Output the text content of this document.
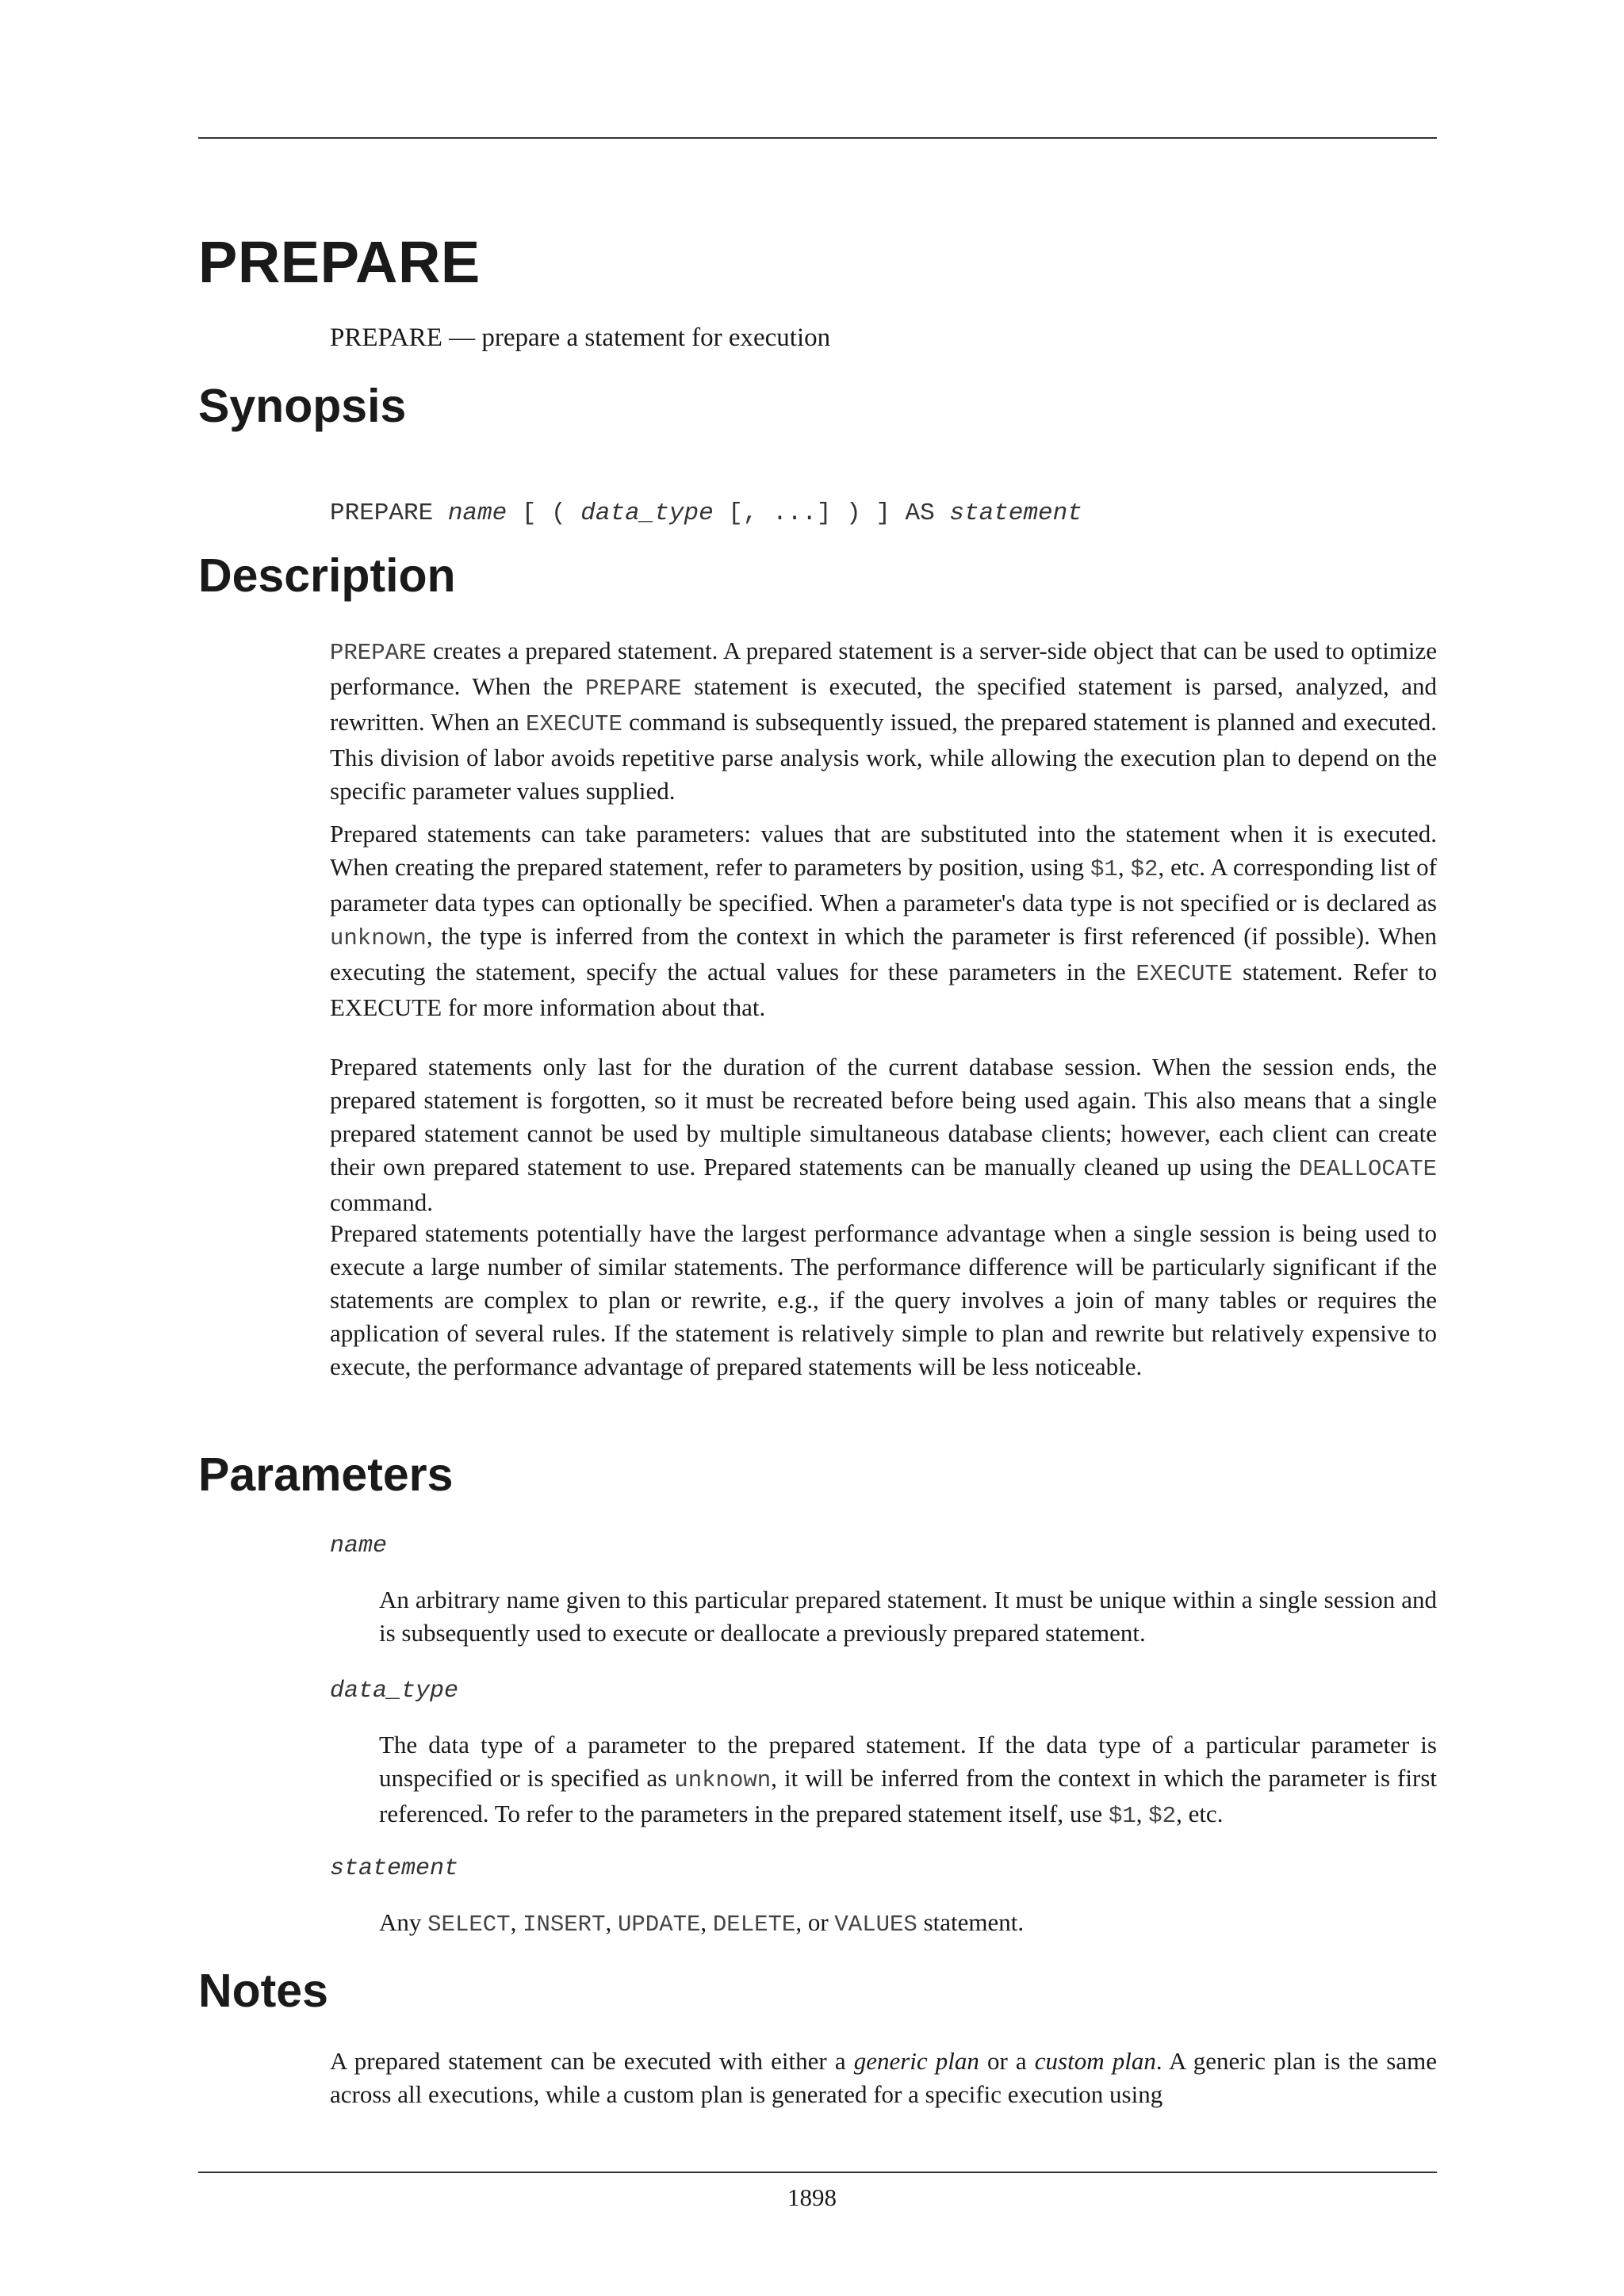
PREPARE
PREPARE — prepare a statement for execution
Synopsis
PREPARE name [ ( data_type [, ...] ) ] AS statement
Description

PREPARE creates a prepared statement. A prepared statement is a server-side object that can be used to optimize performance. When the PREPARE statement is executed, the specified statement is parsed, analyzed, and rewritten. When an EXECUTE command is subsequently issued, the prepared statement is planned and executed. This division of labor avoids repetitive parse analysis work, while allowing the execution plan to depend on the specific parameter values supplied.

Prepared statements can take parameters: values that are substituted into the statement when it is executed. When creating the prepared statement, refer to parameters by position, using $1, $2, etc. A corresponding list of parameter data types can optionally be specified. When a parameter's data type is not specified or is declared as unknown, the type is inferred from the context in which the parameter is first referenced (if possible). When executing the statement, specify the actual values for these parameters in the EXECUTE statement. Refer to EXECUTE for more information about that.

Prepared statements only last for the duration of the current database session. When the session ends, the prepared statement is forgotten, so it must be recreated before being used again. This also means that a single prepared statement cannot be used by multiple simultaneous database clients; however, each client can create their own prepared statement to use. Prepared statements can be manually cleaned up using the DEALLOCATE command.

Prepared statements potentially have the largest performance advantage when a single session is being used to execute a large number of similar statements. The performance difference will be particularly significant if the statements are complex to plan or rewrite, e.g., if the query involves a join of many tables or requires the application of several rules. If the statement is relatively simple to plan and rewrite but relatively expensive to execute, the performance advantage of prepared statements will be less noticeable.

Parameters
name

An arbitrary name given to this particular prepared statement. It must be unique within a single session and is subsequently used to execute or deallocate a previously prepared statement.

data_type

The data type of a parameter to the prepared statement. If the data type of a particular parameter is unspecified or is specified as unknown, it will be inferred from the context in which the parameter is first referenced. To refer to the parameters in the prepared statement itself, use $1, $2, etc.

statement

Any SELECT, INSERT, UPDATE, DELETE, or VALUES statement.

Notes

A prepared statement can be executed with either a generic plan or a custom plan. A generic plan is the same across all executions, while a custom plan is generated for a specific execution using

1898
